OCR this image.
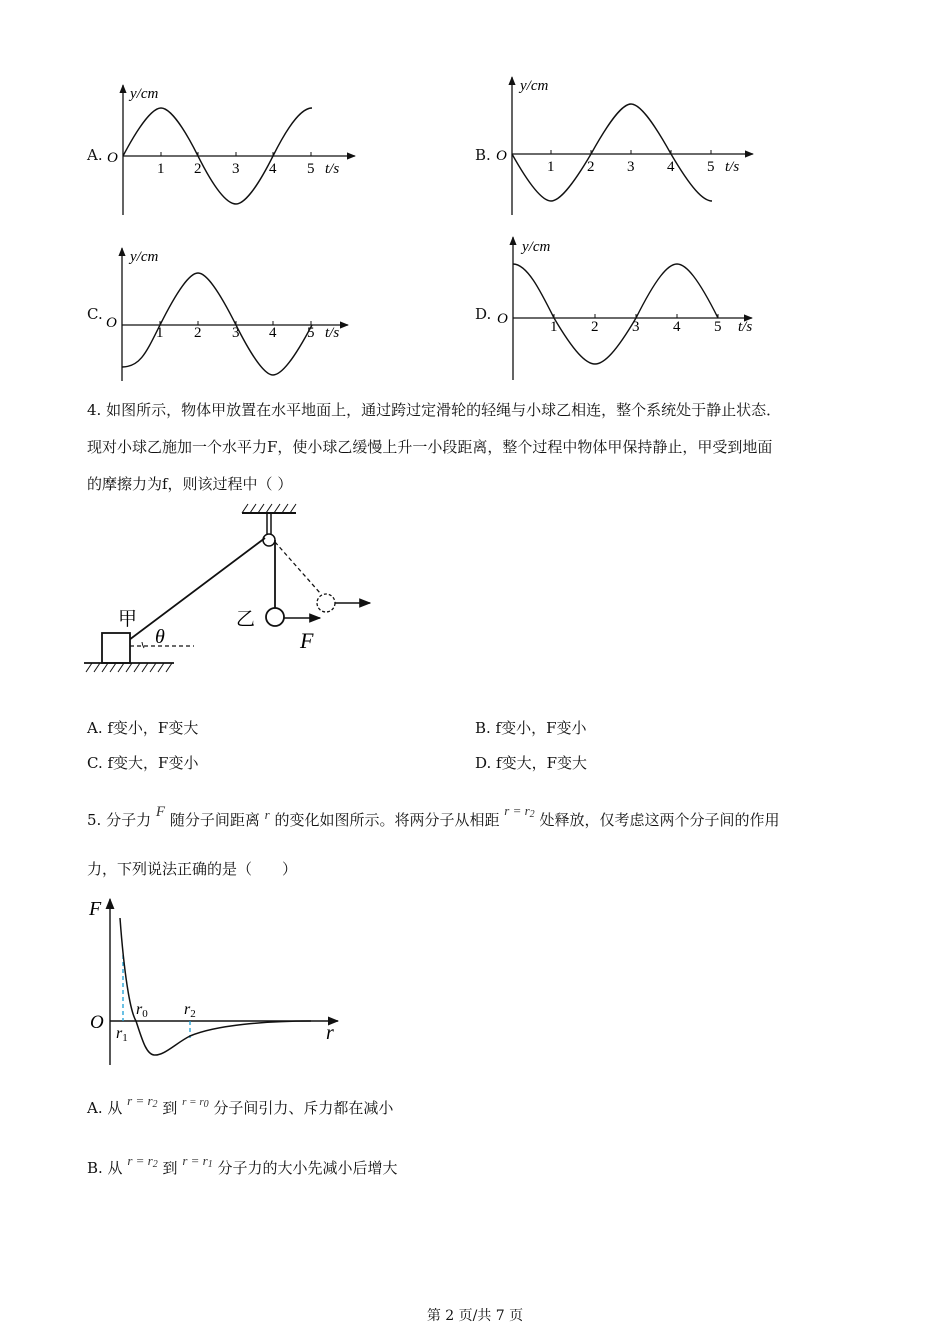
y/cm
t/s
O
1 2 3 4 5
A.
y/cm
t/s
O
1 2 3 4 5
B.
y/cm
t/s
O
1 2 3 4 5
C.
y/cm
t/s
O	1 2 3 4 5
D.
4. 如图所示，物体甲放置在水平地面上，通过跨过定滑轮的轻绳与小球乙相连，整个系统处于静止状态．
现对小球乙施加一个水平力F，使小球乙缓慢上升一小段距离，整个过程中物体甲保持静止，甲受到地面
的摩擦力为f，则该过程中（ ）
F
乙
甲
θ
A. f变小，F变大	B. f变小，F变小
C. f变大，F变小	D. f变大，F变大
5. 分子力 F 随分子间距离 r 的变化如图所示。将两分子从相距 $r = r_2$ 处释放，仅考虑这两个分子间的作用
力，下列说法正确的是（　　）
F
O	r
r0
r1
r2
A. 从 $r = r_2$ 到 $^{r = r0}$ 分子间引力、斥力都在减小
B. 从 $r = r_2$ 到 $r = r_1$ 分子力的大小先减小后增大
第 2 页/共 7 页
